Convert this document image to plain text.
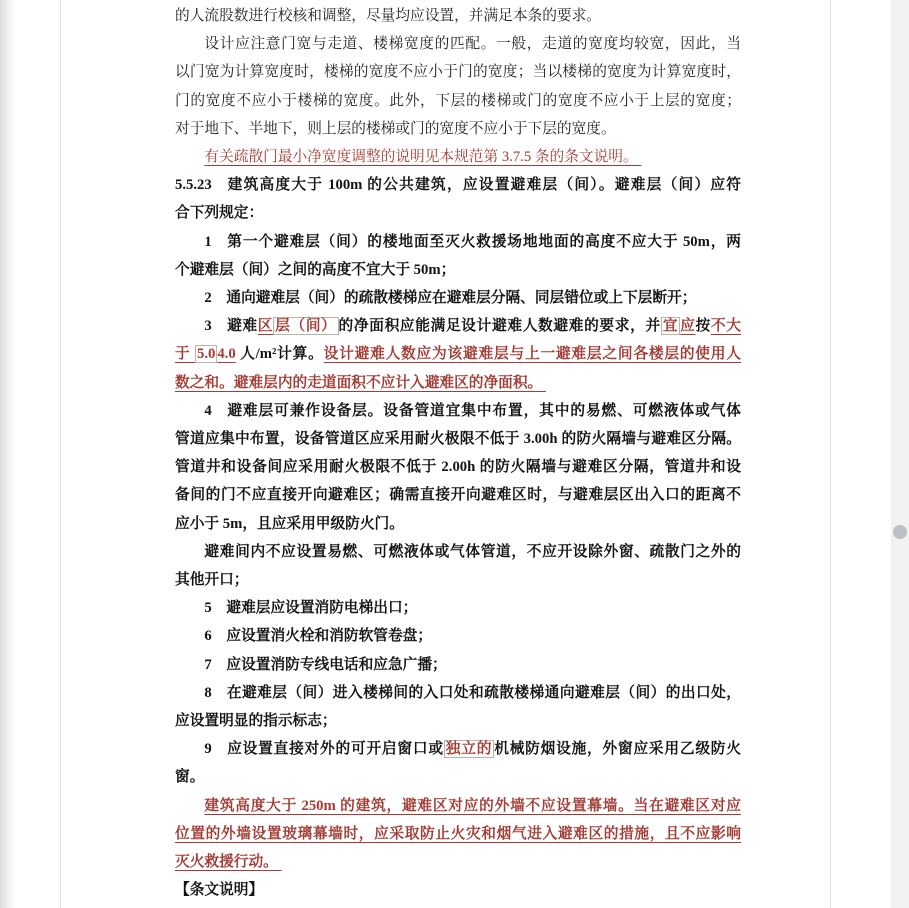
的人流股数进行校核和调整，尽量均应设置，并满足本条的要求。
设计应注意门宽与走道、楼梯宽度的匹配。一般，走道的宽度均较宽，因此，当
以门宽为计算宽度时，楼梯的宽度不应小于门的宽度；当以楼梯的宽度为计算宽度时，
门的宽度不应小于楼梯的宽度。此外，下层的楼梯或门的宽度不应小于上层的宽度；
对于地下、半地下，则上层的楼梯或门的宽度不应小于下层的宽度。
有关疏散门最小净宽度调整的说明见本规范第 3.7.5 条的条文说明。
5.5.23 建筑高度大于 100m 的公共建筑，应设置避难层（间）。避难层（间）应符
合下列规定：
1 第一个避难层（间）的楼地面至灭火救援场地地面的高度不应大于 50m，两
个避难层（间）之间的高度不宜大于 50m；
2 通向避难层（间）的疏散楼梯应在避难层分隔、同层错位或上下层断开；
3 避难区 层（间） 的净面积应能满足设计避难人数避难的要求，并 宜 应按不大
于 5.0 4.0 人/m²计算。设计避难人数应为该避难层与上一避难层之间各楼层的使用人
数之和。避难层内的走道面积不应计入避难区的净面积。
4 避难层可兼作设备层。设备管道宜集中布置，其中的易燃、可燃液体或气体
管道应集中布置，设备管道区应采用耐火极限不低于 3.00h 的防火隔墙与避难区分隔。
管道井和设备间应采用耐火极限不低于 2.00h 的防火隔墙与避难区分隔，管道井和设
备间的门不应直接开向避难区；确需直接开向避难区时，与避难层区出入口的距离不
应小于 5m，且应采用甲级防火门。
避难间内不应设置易燃、可燃液体或气体管道，不应开设除外窗、疏散门之外的
其他开口；
5 避难层应设置消防电梯出口；
6 应设置消火栓和消防软管卷盘；
7 应设置消防专线电话和应急广播；
8 在避难层（间）进入楼梯间的入口处和疏散楼梯通向避难层（间）的出口处，
应设置明显的指示标志；
9 应设置直接对外的可开启窗口或 独立的 机械防烟设施，外窗应采用乙级防火
窗。
建筑高度大于 250m 的建筑，避难区对应的外墙不应设置幕墙。当在避难区对应
位置的外墙设置玻璃幕墙时，应采取防止火灾和烟气进入避难区的措施，且不应影响
灭火救援行动。
【条文说明】
